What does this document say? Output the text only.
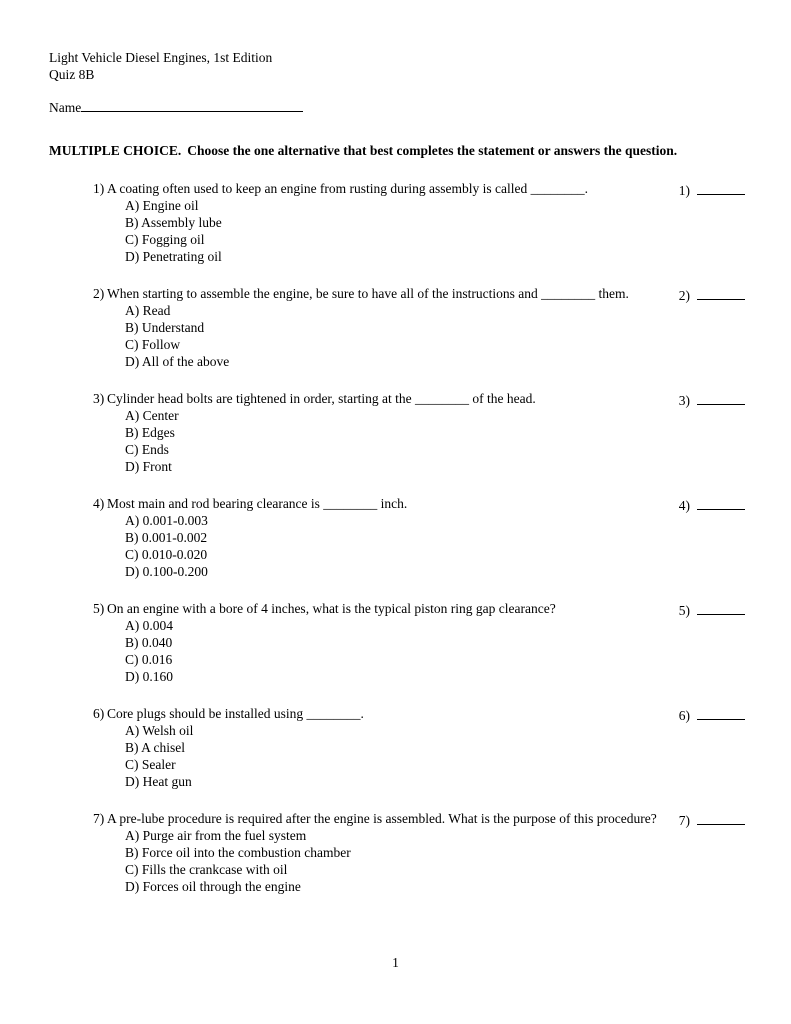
Light Vehicle Diesel Engines, 1st Edition
Quiz 8B
Name
MULTIPLE CHOICE. Choose the one alternative that best completes the statement or answers the question.
1) A coating often used to keep an engine from rusting during assembly is called ________.
A) Engine oil
B) Assembly lube
C) Fogging oil
D) Penetrating oil
1)
2) When starting to assemble the engine, be sure to have all of the instructions and ________ them.
A) Read
B) Understand
C) Follow
D) All of the above
2)
3) Cylinder head bolts are tightened in order, starting at the ________ of the head.
A) Center
B) Edges
C) Ends
D) Front
3)
4) Most main and rod bearing clearance is ________ inch.
A) 0.001-0.003
B) 0.001-0.002
C) 0.010-0.020
D) 0.100-0.200
4)
5) On an engine with a bore of 4 inches, what is the typical piston ring gap clearance?
A) 0.004
B) 0.040
C) 0.016
D) 0.160
5)
6) Core plugs should be installed using ________.
A) Welsh oil
B) A chisel
C) Sealer
D) Heat gun
6)
7) A pre-lube procedure is required after the engine is assembled. What is the purpose of this procedure?
A) Purge air from the fuel system
B) Force oil into the combustion chamber
C) Fills the crankcase with oil
D) Forces oil through the engine
7)
1
